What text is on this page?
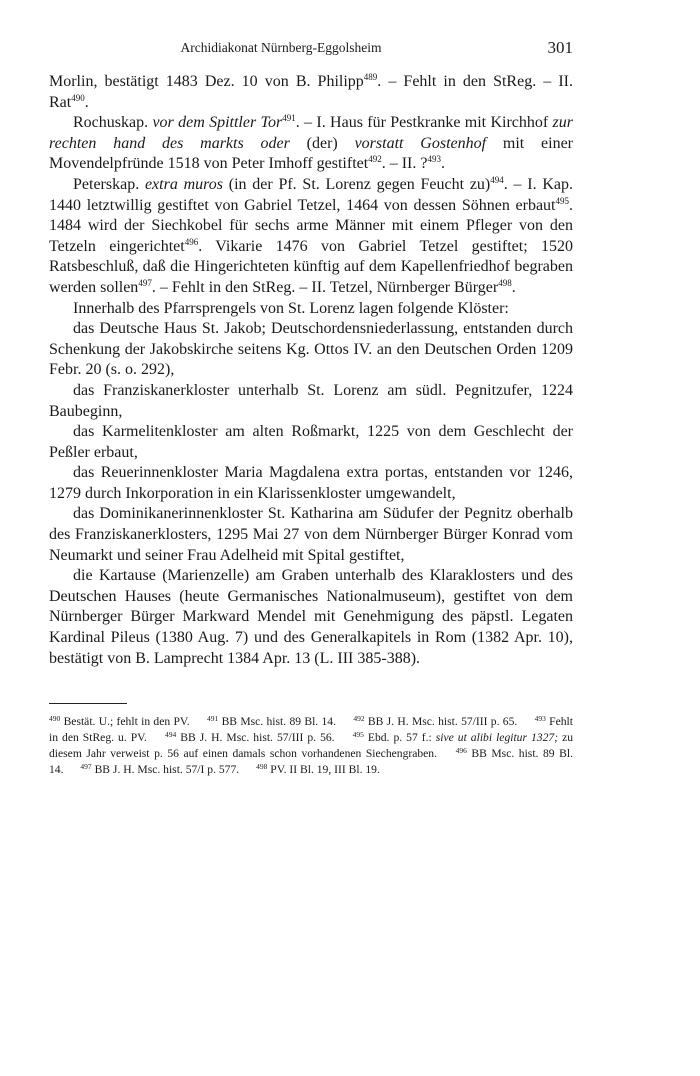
Archidiakonat Nürnberg-Eggolsheim	301

Morlin, bestätigt 1483 Dez. 10 von B. Philipp$^{489}$. – Fehlt in den StReg. – II. Rat$^{490}$.

Rochuskap. vor dem Spittler Tor$^{491}$. – I. Haus für Pestkranke mit Kirchhof zur rechten hand des markts oder (der) vorstatt Gostenhof mit einer Movendelpfründe 1518 von Peter Imhoff gestiftet$^{492}$. – II. ?$^{493}$.

Peterskap. extra muros (in der Pf. St. Lorenz gegen Feucht zu)$^{494}$. – I. Kap. 1440 letztwillig gestiftet von Gabriel Tetzel, 1464 von dessen Söhnen erbaut$^{495}$. 1484 wird der Siechkobel für sechs arme Männer mit einem Pfleger von den Tetzeln eingerichtet$^{496}$. Vikarie 1476 von Gabriel Tetzel gestiftet; 1520 Ratsbeschluß, daß die Hingerichteten künftig auf dem Kapellenfriedhof begraben werden sollen$^{497}$. – Fehlt in den StReg. – II. Tetzel, Nürnberger Bürger$^{498}$.

Innerhalb des Pfarrsprengels von St. Lorenz lagen folgende Klöster:

das Deutsche Haus St. Jakob; Deutschordensniederlassung, entstanden durch Schenkung der Jakobskirche seitens Kg. Ottos IV. an den Deutschen Orden 1209 Febr. 20 (s. o. 292),

das Franziskanerkloster unterhalb St. Lorenz am südl. Pegnitzufer, 1224 Baubeginn,

das Karmelitenkloster am alten Roßmarkt, 1225 von dem Geschlecht der Peßler erbaut,

das Reuerinnenkloster Maria Magdalena extra portas, entstanden vor 1246, 1279 durch Inkorporation in ein Klarissenkloster umgewandelt,

das Dominikanerinnenkloster St. Katharina am Südufer der Pegnitz oberhalb des Franziskanerklosters, 1295 Mai 27 von dem Nürnberger Bürger Konrad vom Neumarkt und seiner Frau Adelheid mit Spital gestiftet,

die Kartause (Marienzelle) am Graben unterhalb des Klaraklosters und des Deutschen Hauses (heute Germanisches Nationalmuseum), gestiftet von dem Nürnberger Bürger Markward Mendel mit Genehmigung des päpstl. Legaten Kardinal Pileus (1380 Aug. 7) und des Generalkapitels in Rom (1382 Apr. 10), bestätigt von B. Lamprecht 1384 Apr. 13 (L. III 385-388).

$^{490}$ Bestät. U.; fehlt in den PV. $^{491}$ BB Msc. hist. 89 Bl. 14. $^{492}$ BB J. H. Msc. hist. 57/III p. 65. $^{493}$ Fehlt in den StReg. u. PV. $^{494}$ BB J. H. Msc. hist. 57/III p. 56. $^{495}$ Ebd. p. 57 f.: sive ut alibi legitur 1327; zu diesem Jahr verweist p. 56 auf einen damals schon vorhandenen Siechengraben. $^{496}$ BB Msc. hist. 89 Bl. 14. $^{497}$ BB J. H. Msc. hist. 57/I p. 577. $^{498}$ PV. II Bl. 19, III Bl. 19.
